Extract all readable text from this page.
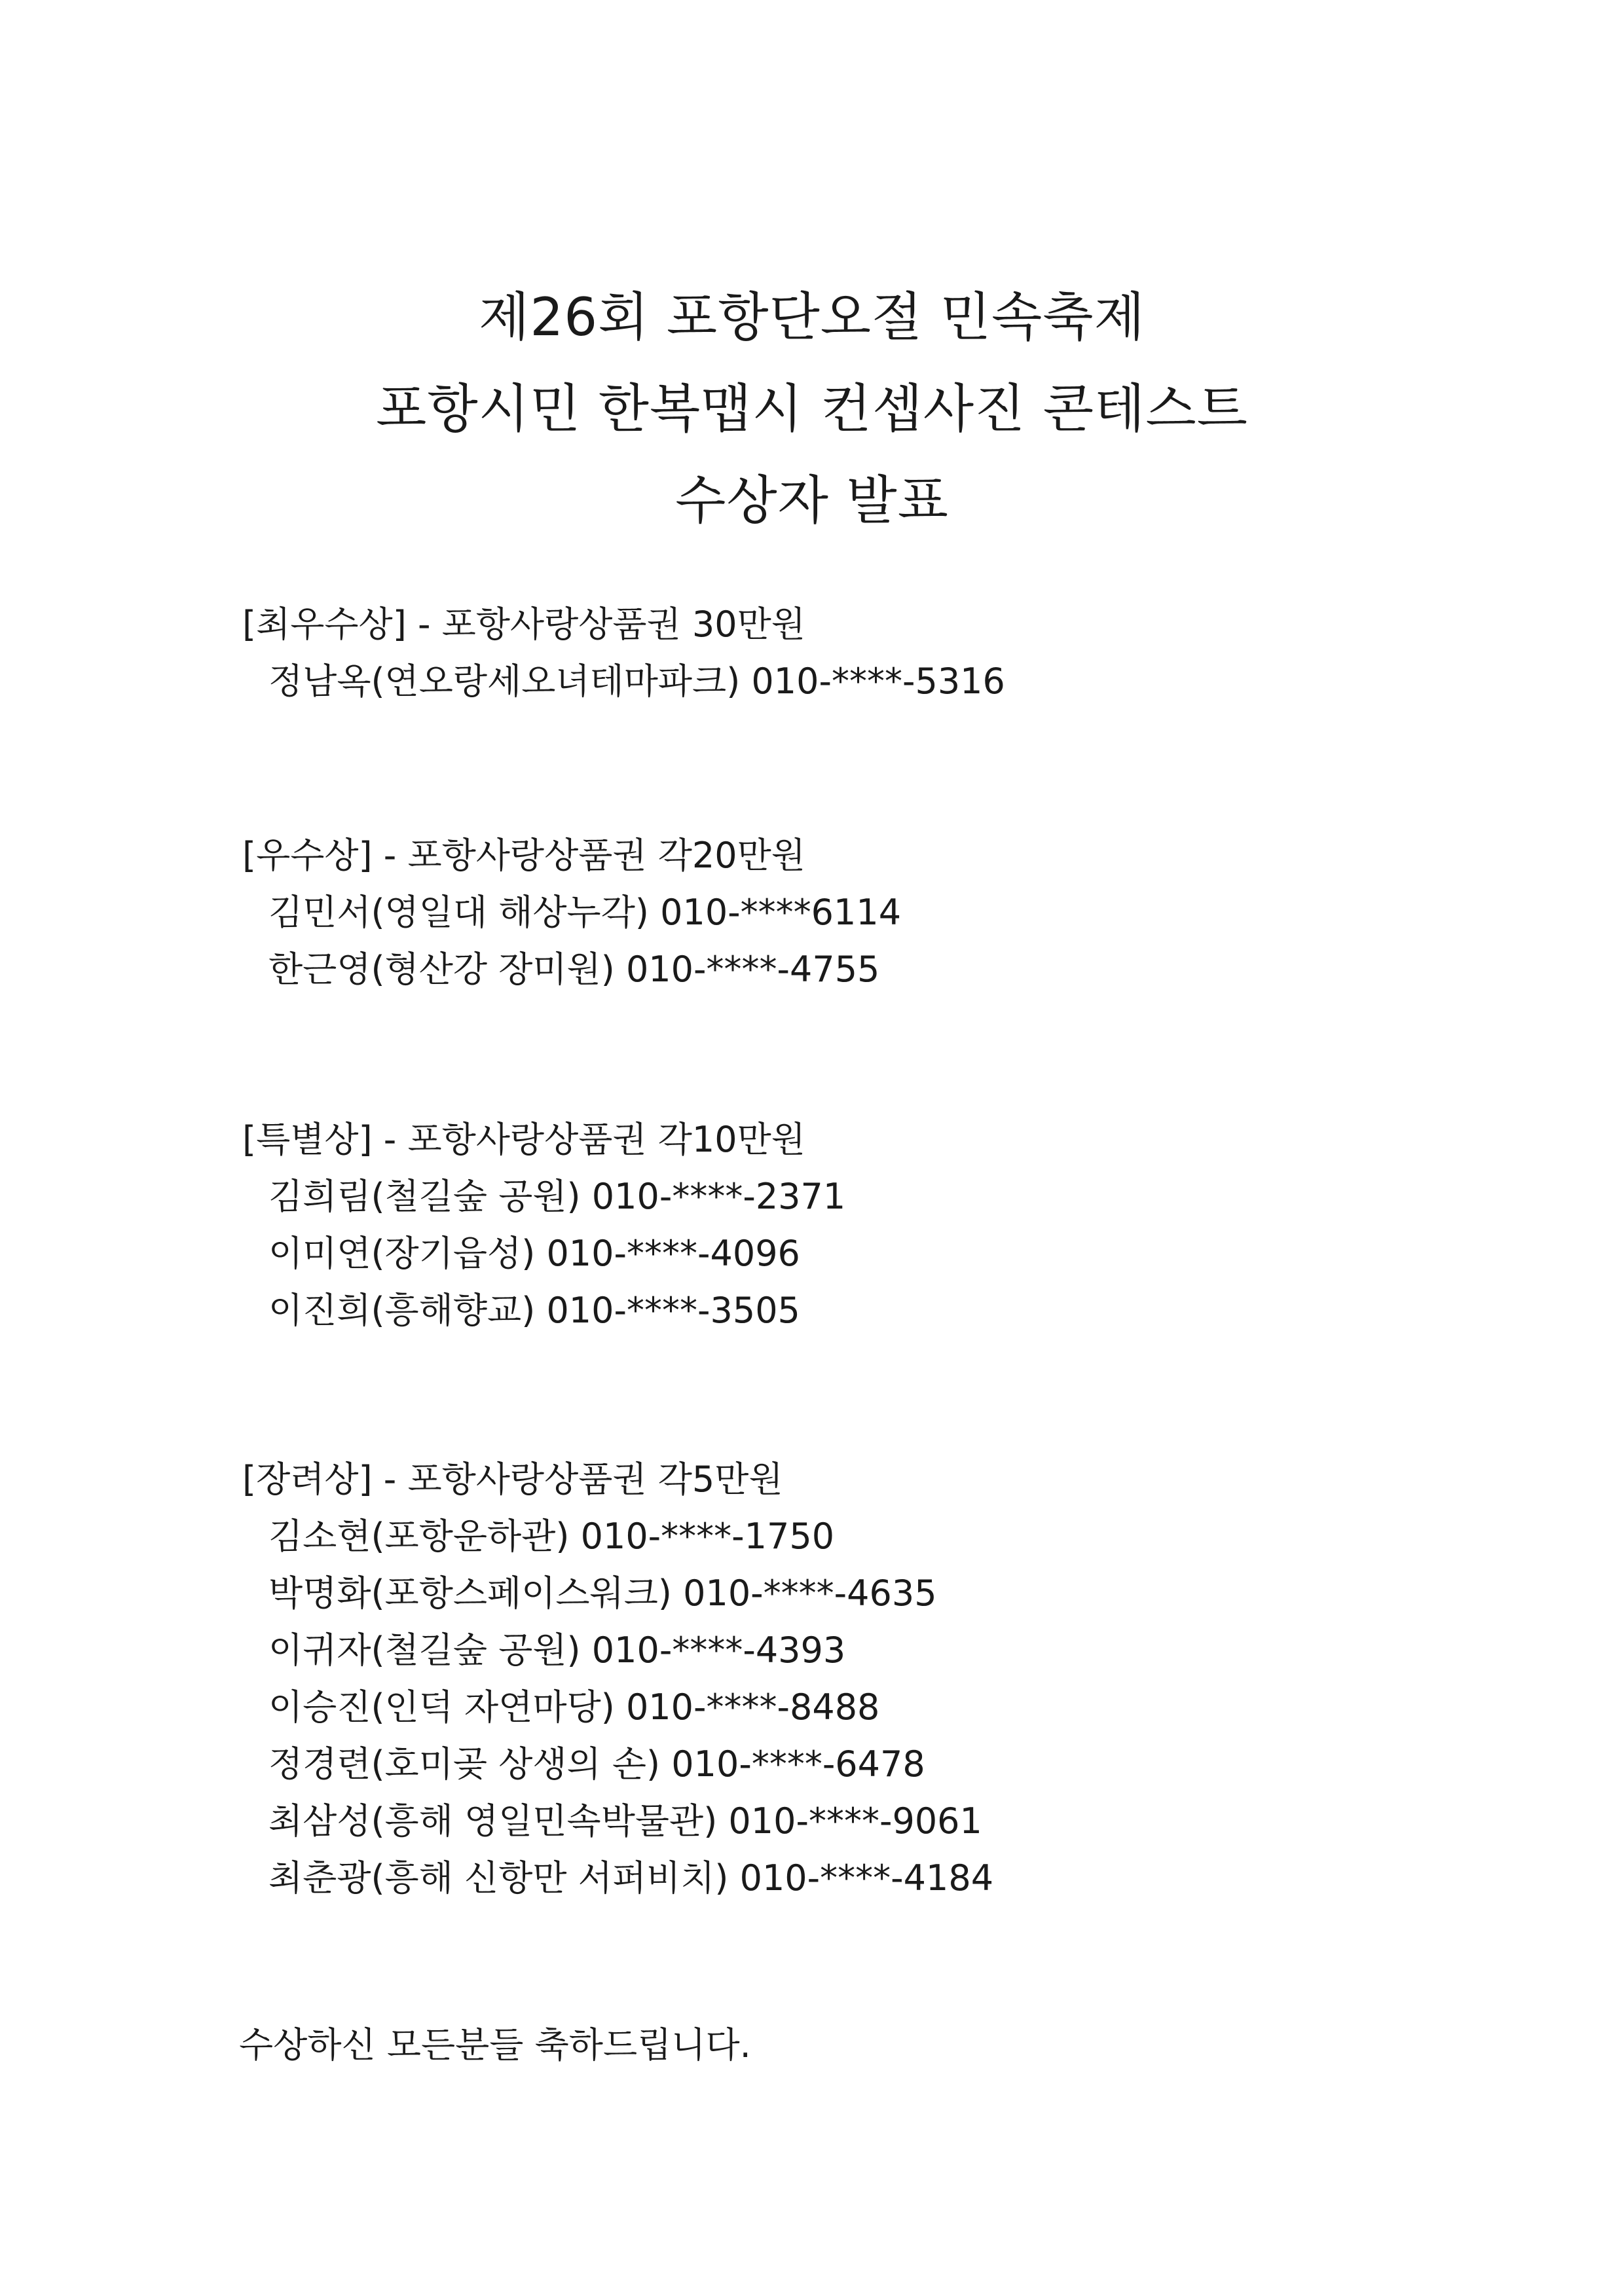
제26회 포항단오절 민속축제
포항시민 한복맵시 컨셉사진 콘테스트
수상자 발표
[최우수상] - 포항사랑상품권 30만원
정남옥(연오랑세오녀테마파크) 010-****-5316
[우수상] - 포항사랑상품권 각20만원
김민서(영일대 해상누각) 010-****6114
한근영(형산강 장미원) 010-****-4755
[특별상] - 포항사랑상품권 각10만원
김희림(철길숲 공원) 010-****-2371
이미연(장기읍성) 010-****-4096
이진희(흥해향교) 010-****-3505
[장려상] - 포항사랑상품권 각5만원
김소현(포항운하관) 010-****-1750
박명화(포항스페이스워크) 010-****-4635
이귀자(철길숲 공원) 010-****-4393
이승진(인덕 자연마당) 010-****-8488
정경련(호미곶 상생의 손) 010-****-6478
최삼성(흥해 영일민속박물관) 010-****-9061
최춘광(흥해 신항만 서퍼비치) 010-****-4184
수상하신 모든분들 축하드립니다.
